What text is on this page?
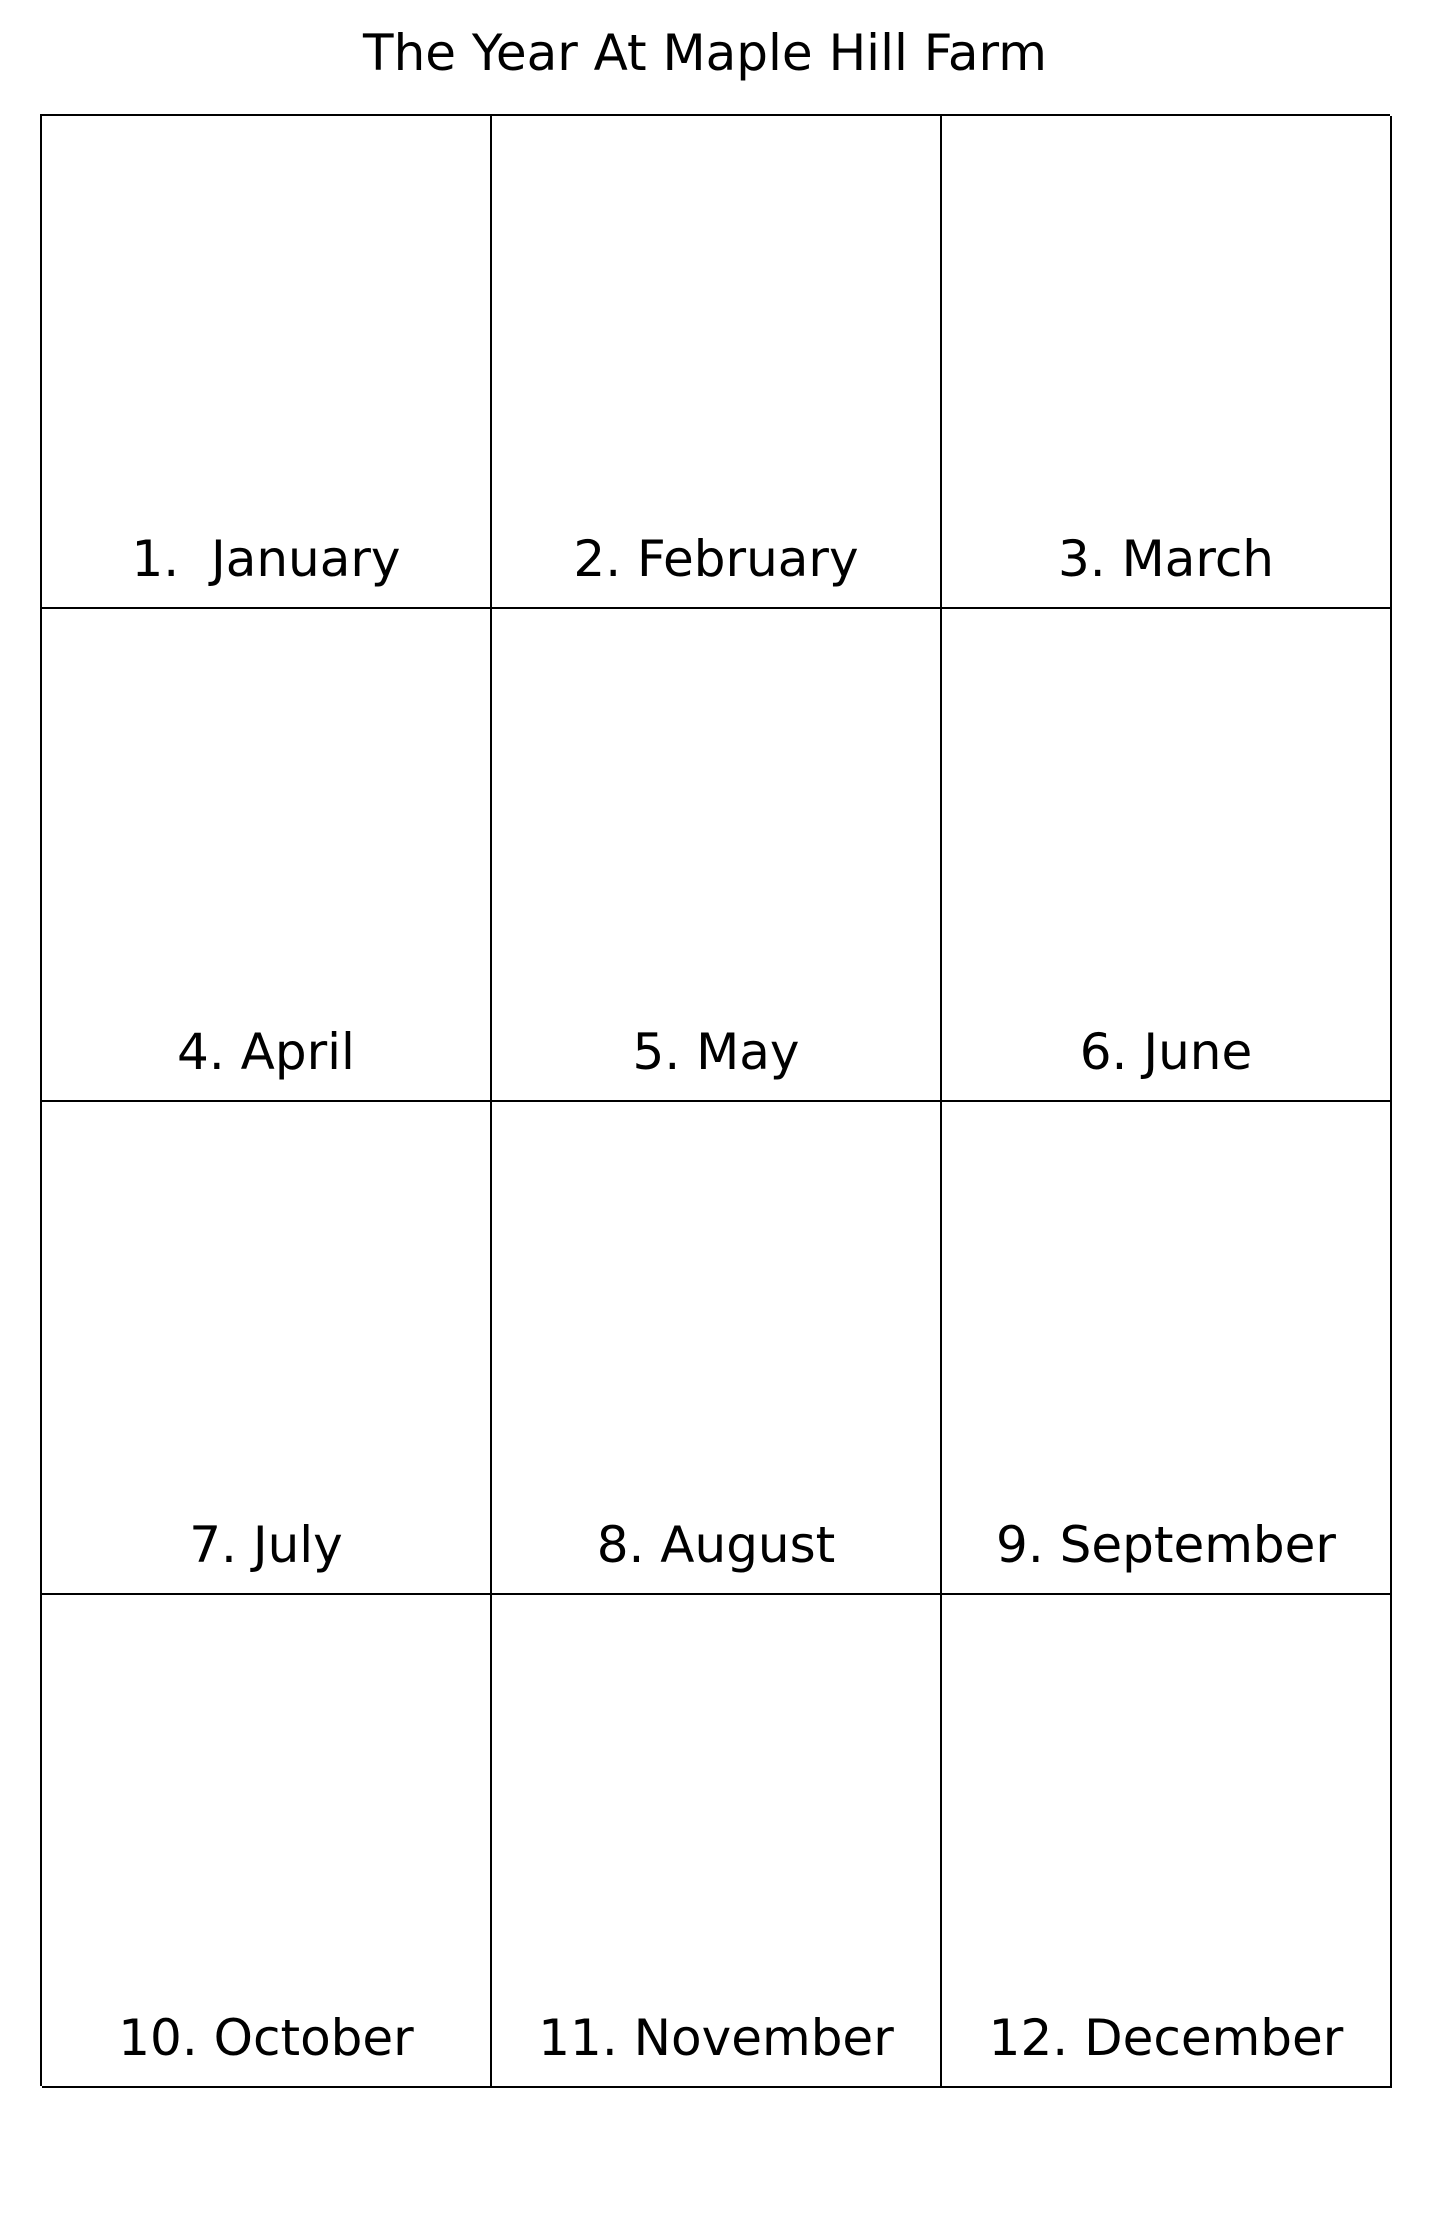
The Year At Maple Hill Farm
1.  January	2. February	3. March
4. April	5. May	6. June
7. July	8. August	9. September
10. October	11. November	12. December
